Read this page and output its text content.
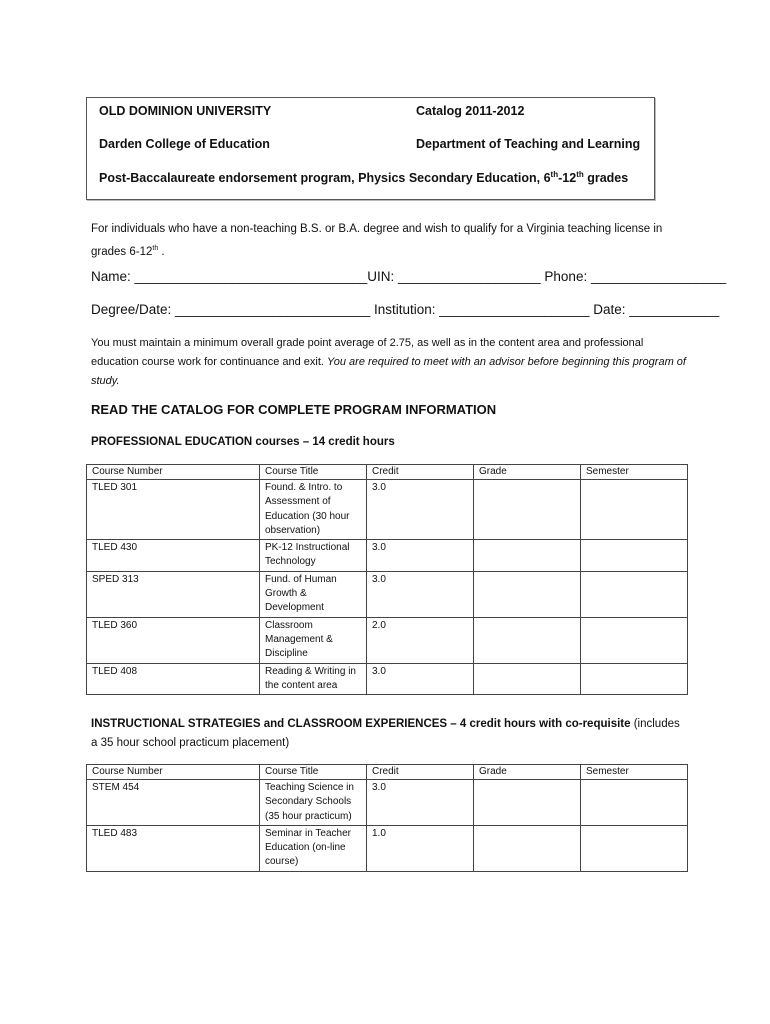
OLD DOMINION UNIVERSITY	Catalog 2011-2012
Darden College of Education	Department of Teaching and Learning
Post-Baccalaureate endorsement program, Physics Secondary Education, 6th-12th grades
For individuals who have a non-teaching B.S. or B.A. degree and wish to qualify for a Virginia teaching license in grades 6-12th .
Name: _______________________________UIN: ___________________ Phone: __________________
Degree/Date: __________________________ Institution: ____________________ Date: ____________
You must maintain a minimum overall grade point average of 2.75, as well as in the content area and professional education course work for continuance and exit. You are required to meet with an advisor before beginning this program of study.
READ THE CATALOG FOR COMPLETE PROGRAM INFORMATION
PROFESSIONAL EDUCATION courses – 14 credit hours
Course Number	Course Title	Credit	Grade	Semester
TLED 301	Found. & Intro. to Assessment of Education (30 hour observation)	3.0		
TLED 430	PK-12 Instructional Technology	3.0		
SPED 313	Fund. of Human Growth & Development	3.0		
TLED 360	Classroom Management & Discipline	2.0		
TLED 408	Reading & Writing in the content area	3.0		
INSTRUCTIONAL STRATEGIES and CLASSROOM EXPERIENCES – 4 credit hours with co-requisite (includes a 35 hour school practicum placement)
Course Number	Course Title	Credit	Grade	Semester
STEM 454	Teaching Science in Secondary Schools (35 hour practicum)	3.0		
TLED 483	Seminar in Teacher Education (on-line course)	1.0		
